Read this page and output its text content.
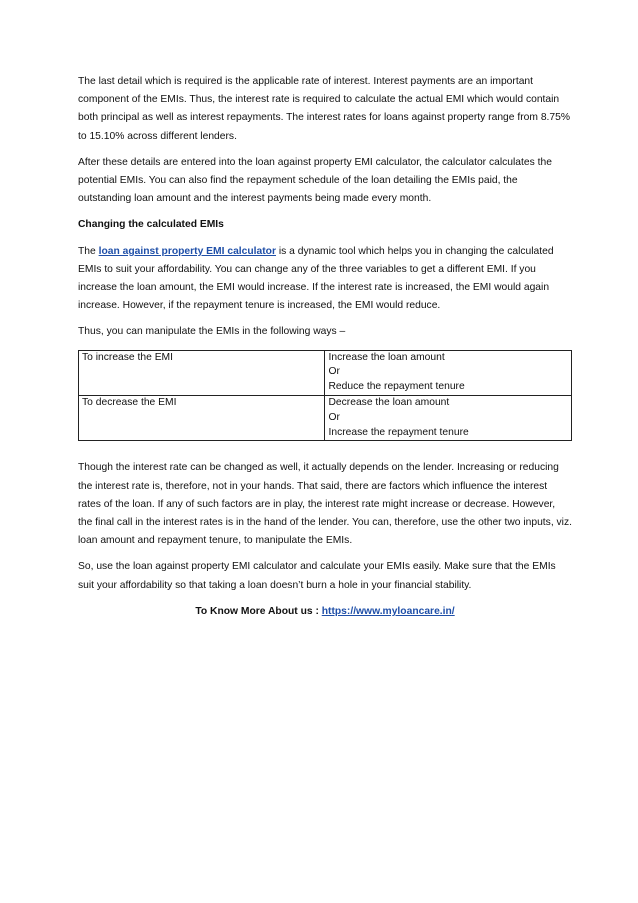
The last detail which is required is the applicable rate of interest. Interest payments are an important component of the EMIs. Thus, the interest rate is required to calculate the actual EMI which would contain both principal as well as interest repayments. The interest rates for loans against property range from 8.75% to 15.10% across different lenders.

After these details are entered into the loan against property EMI calculator, the calculator calculates the potential EMIs. You can also find the repayment schedule of the loan detailing the EMIs paid, the outstanding loan amount and the interest payments being made every month.

Changing the calculated EMIs

The loan against property EMI calculator is a dynamic tool which helps you in changing the calculated EMIs to suit your affordability. You can change any of the three variables to get a different EMI. If you increase the loan amount, the EMI would increase. If the interest rate is increased, the EMI would again increase. However, if the repayment tenure is increased, the EMI would reduce.

Thus, you can manipulate the EMIs in the following ways –

To increase the EMI	Increase the loan amount
Or
Reduce the repayment tenure

To decrease the EMI	Decrease the loan amount
Or
Increase the repayment tenure

Though the interest rate can be changed as well, it actually depends on the lender. Increasing or reducing the interest rate is, therefore, not in your hands. That said, there are factors which influence the interest rates of the loan. If any of such factors are in play, the interest rate might increase or decrease. However, the final call in the interest rates is in the hand of the lender. You can, therefore, use the other two inputs, viz. loan amount and repayment tenure, to manipulate the EMIs.

So, use the loan against property EMI calculator and calculate your EMIs easily. Make sure that the EMIs suit your affordability so that taking a loan doesn’t burn a hole in your financial stability.

To Know More About us : https://www.myloancare.in/
